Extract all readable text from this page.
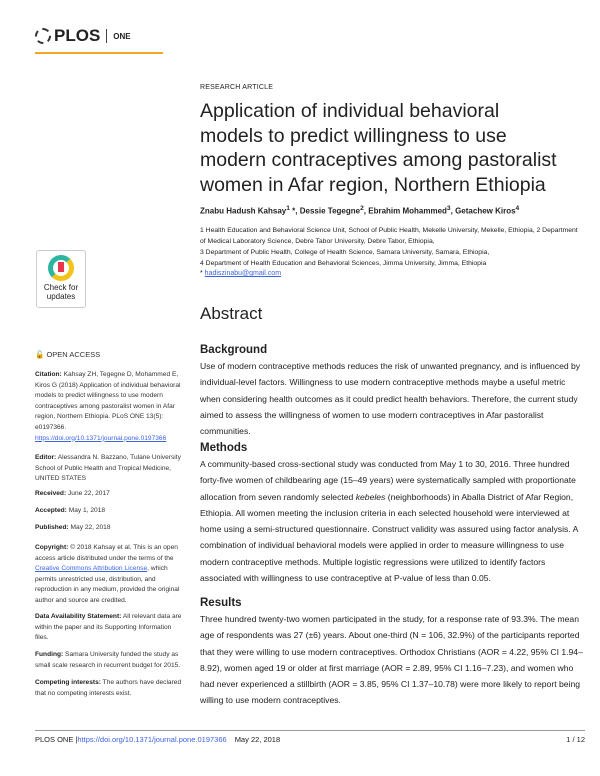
PLOS ONE
Check for
updates
🔓 OPEN ACCESS
Citation: Kahsay ZH, Tegegne D, Mohammed E, Kiros G (2018) Application of individual behavioral models to predict willingness to use modern contraceptives among pastoralist women in Afar region, Northern Ethiopia. PLoS ONE 13(5): e0197366. https://doi.org/10.1371/journal.pone.0197366
Editor: Alessandra N. Bazzano, Tulane University School of Public Health and Tropical Medicine, UNITED STATES
Received: June 22, 2017
Accepted: May 1, 2018
Published: May 22, 2018
Copyright: © 2018 Kahsay et al. This is an open access article distributed under the terms of the Creative Commons Attribution License, which permits unrestricted use, distribution, and reproduction in any medium, provided the original author and source are credited.
Data Availability Statement: All relevant data are within the paper and its Supporting Information files.
Funding: Samara University funded the study as small scale research in recurrent budget for 2015.
Competing interests: The authors have declared that no competing interests exist.
RESEARCH ARTICLE
Application of individual behavioral models to predict willingness to use modern contraceptives among pastoralist women in Afar region, Northern Ethiopia
Znabu Hadush Kahsay$^1$ *, Dessie Tegegne$^2$, Ebrahim Mohammed$^3$, Getachew Kiros$^4$
1 Health Education and Behavioral Science Unit, School of Public Health, Mekelle University, Mekelle, Ethiopia, 2 Department of Medical Laboratory Science, Debre Tabor University, Debre Tabor, Ethiopia,
3 Department of Public Health, College of Health Science, Samara University, Samara, Ethiopia,
4 Department of Health Education and Behavioral Sciences, Jimma University, Jimma, Ethiopia
* hadiszinabu@gmail.com
Abstract
Background

Use of modern contraceptive methods reduces the risk of unwanted pregnancy, and is influenced by individual-level factors. Willingness to use modern contraceptive methods maybe a useful metric when considering health outcomes as it could predict health behaviors. Therefore, the current study aimed to assess the willingness of women to use modern contraceptives in Afar pastoralist communities.

Methods

A community-based cross-sectional study was conducted from May 1 to 30, 2016. Three hundred forty-five women of childbearing age (15–49 years) were systematically sampled with proportionate allocation from seven randomly selected kebeles (neighborhoods) in Aballa District of Afar Region, Ethiopia. All women meeting the inclusion criteria in each selected household were interviewed at home using a semi-structured questionnaire. Construct validity was assured using factor analysis. A combination of individual behavioral models were applied in order to measure willingness to use modern contraceptive methods. Multiple logistic regressions were utilized to identify factors associated with willingness to use contraceptive at P-value of less than 0.05.

Results

Three hundred twenty-two women participated in the study, for a response rate of 93.3%. The mean age of respondents was 27 (±6) years. About one-third (N = 106, 32.9%) of the participants reported that they were willing to use modern contraceptives. Orthodox Christians (AOR = 4.22, 95% CI 1.94–8.92), women aged 19 or older at first marriage (AOR = 2.89, 95% CI 1.16–7.23), and women who had never experienced a stillbirth (AOR = 3.85, 95% CI 1.37–10.78) were more likely to report being willing to use modern contraceptives.

PLOS ONE | https://doi.org/10.1371/journal.pone.0197366 May 22, 2018	1 / 12
